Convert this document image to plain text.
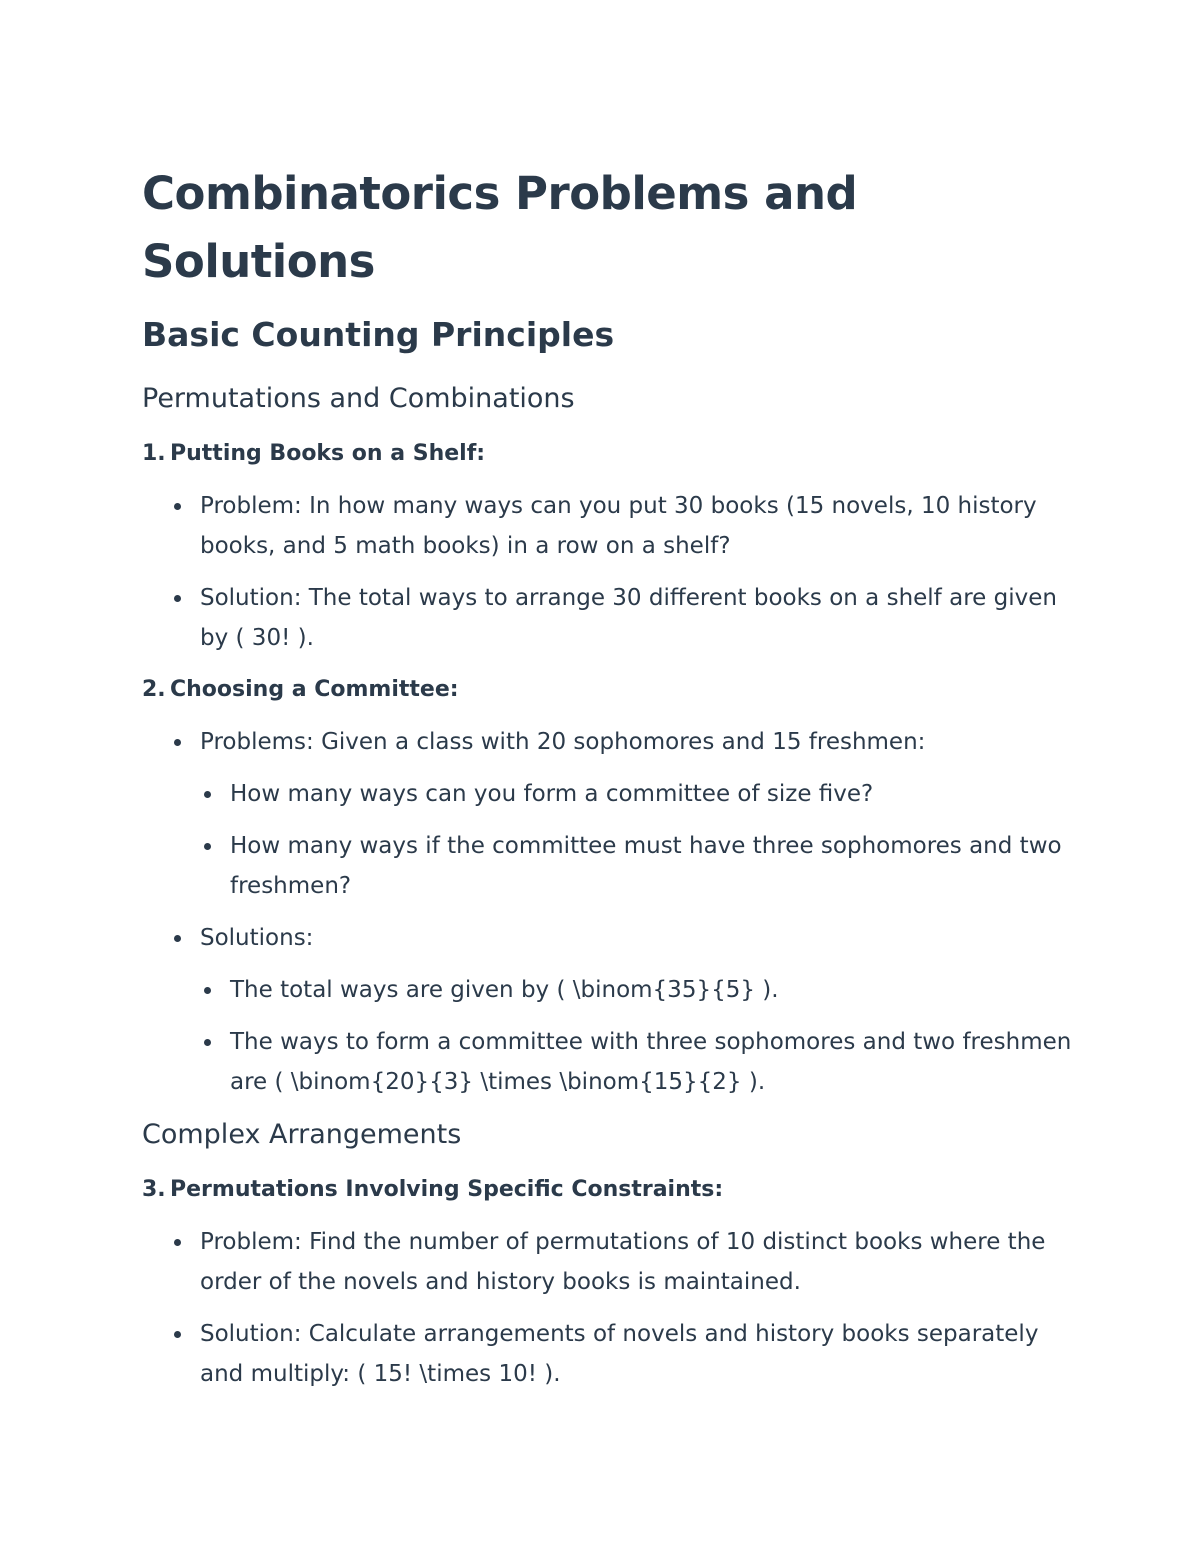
Combinatorics Problems and Solutions
Basic Counting Principles
Permutations and Combinations
1. Putting Books on a Shelf:
Problem: In how many ways can you put 30 books (15 novels, 10 history books, and 5 math books) in a row on a shelf?
Solution: The total ways to arrange 30 different books on a shelf are given by ( 30! ).
2. Choosing a Committee:
Problems: Given a class with 20 sophomores and 15 freshmen:
How many ways can you form a committee of size five?
How many ways if the committee must have three sophomores and two freshmen?
Solutions:
The total ways are given by ( \binom{35}{5} ).
The ways to form a committee with three sophomores and two freshmen are ( \binom{20}{3} \times \binom{15}{2} ).
Complex Arrangements
3. Permutations Involving Specific Constraints:
Problem: Find the number of permutations of 10 distinct books where the order of the novels and history books is maintained.
Solution: Calculate arrangements of novels and history books separately and multiply: ( 15! \times 10! ).
